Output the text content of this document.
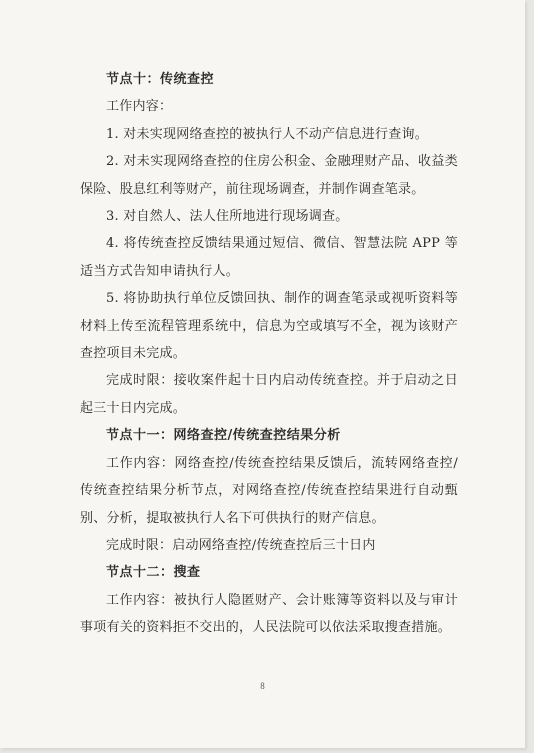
节点十：传统查控

工作内容：

1. 对未实现网络查控的被执行人不动产信息进行查询。

2. 对未实现网络查控的住房公积金、金融理财产品、收益类保险、股息红利等财产，前往现场调查，并制作调查笔录。

3. 对自然人、法人住所地进行现场调查。

4. 将传统查控反馈结果通过短信、微信、智慧法院 APP 等适当方式告知申请执行人。

5. 将协助执行单位反馈回执、制作的调查笔录或视听资料等材料上传至流程管理系统中，信息为空或填写不全，视为该财产查控项目未完成。

完成时限：接收案件起十日内启动传统查控。并于启动之日起三十日内完成。

节点十一：网络查控/传统查控结果分析

工作内容：网络查控/传统查控结果反馈后，流转网络查控/传统查控结果分析节点，对网络查控/传统查控结果进行自动甄别、分析，提取被执行人名下可供执行的财产信息。

完成时限：启动网络查控/传统查控后三十日内

节点十二：搜查

工作内容：被执行人隐匿财产、会计账簿等资料以及与审计事项有关的资料拒不交出的，人民法院可以依法采取搜查措施。

8
